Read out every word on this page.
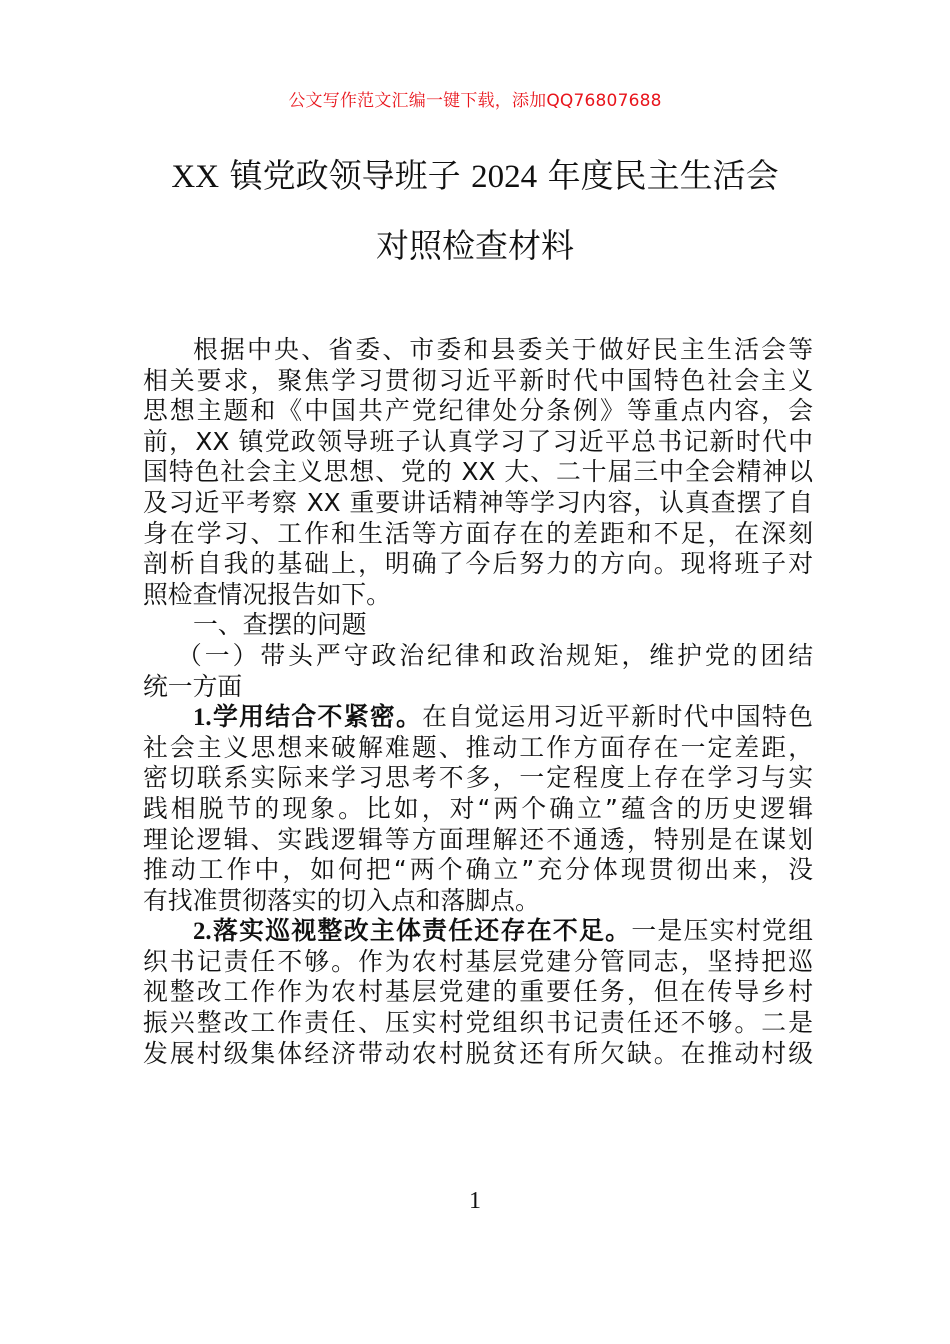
公文写作范文汇编一键下载，添加QQ76807688
XX 镇党政领导班子 2024 年度民主生活会
对照检查材料
根据中央、省委、市委和县委关于做好民主生活会等
相关要求，聚焦学习贯彻习近平新时代中国特色社会主义
思想主题和《中国共产党纪律处分条例》等重点内容，会
前，XX 镇党政领导班子认真学习了习近平总书记新时代中
国特色社会主义思想、党的 XX 大、二十届三中全会精神以
及习近平考察 XX 重要讲话精神等学习内容，认真查摆了自
身在学习、工作和生活等方面存在的差距和不足，在深刻
剖析自我的基础上，明确了今后努力的方向。现将班子对
照检查情况报告如下。
一、查摆的问题
（一）带头严守政治纪律和政治规矩，维护党的团结
统一方面
1.学用结合不紧密。在自觉运用习近平新时代中国特色
社会主义思想来破解难题、推动工作方面存在一定差距，
密切联系实际来学习思考不多，一定程度上存在学习与实
践相脱节的现象。比如，对“两个确立”蕴含的历史逻辑
理论逻辑、实践逻辑等方面理解还不通透，特别是在谋划
推动工作中，如何把“两个确立”充分体现贯彻出来，没
有找准贯彻落实的切入点和落脚点。
2.落实巡视整改主体责任还存在不足。一是压实村党组
织书记责任不够。作为农村基层党建分管同志，坚持把巡
视整改工作作为农村基层党建的重要任务，但在传导乡村
振兴整改工作责任、压实村党组织书记责任还不够。二是
发展村级集体经济带动农村脱贫还有所欠缺。在推动村级
1
